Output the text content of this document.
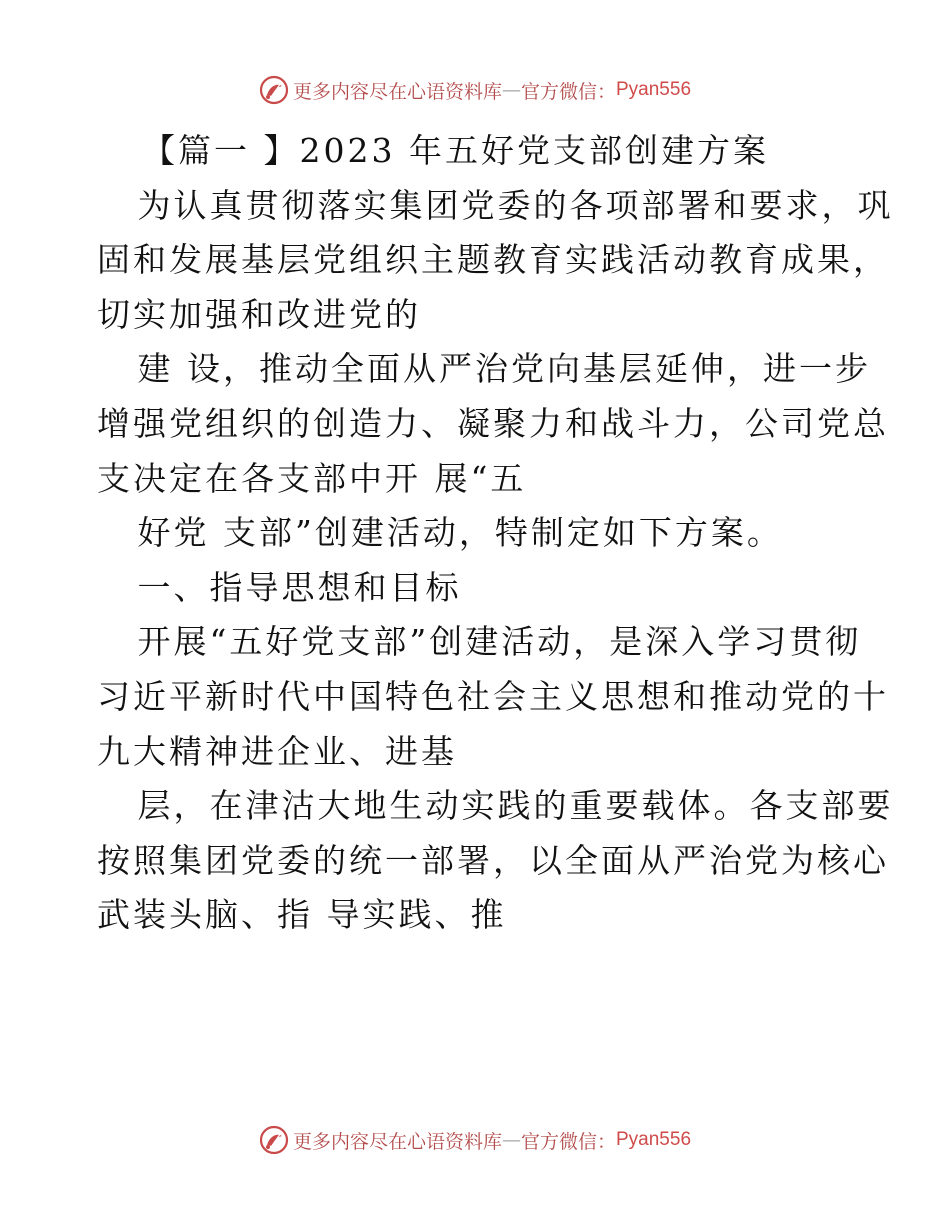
更多内容尽在心语资料库 — 官方微信： Pyan556
【篇一 】2023 年五好党支部创建方案
为认真贯彻落实集团党委的各项部署和要求，巩
固和发展基层党组织主题教育实践活动教育成果，
切实加强和改进党的
建 设，推动全面从严治党向基层延伸，进一步
增强党组织的创造力、凝聚力和战斗力，公司党总
支决定在各支部中开 展“五
好党 支部”创建活动，特制定如下方案。
一、指导思想和目标
开展“五好党支部”创建活动，是深入学习贯彻
习近平新时代中国特色社会主义思想和推动党的十
九大精神进企业、进基
层，在津沽大地生动实践的重要载体。各支部要
按照集团党委的统一部署，以全面从严治党为核心
武装头脑、指 导实践、推
更多内容尽在心语资料库 — 官方微信： Pyan556
